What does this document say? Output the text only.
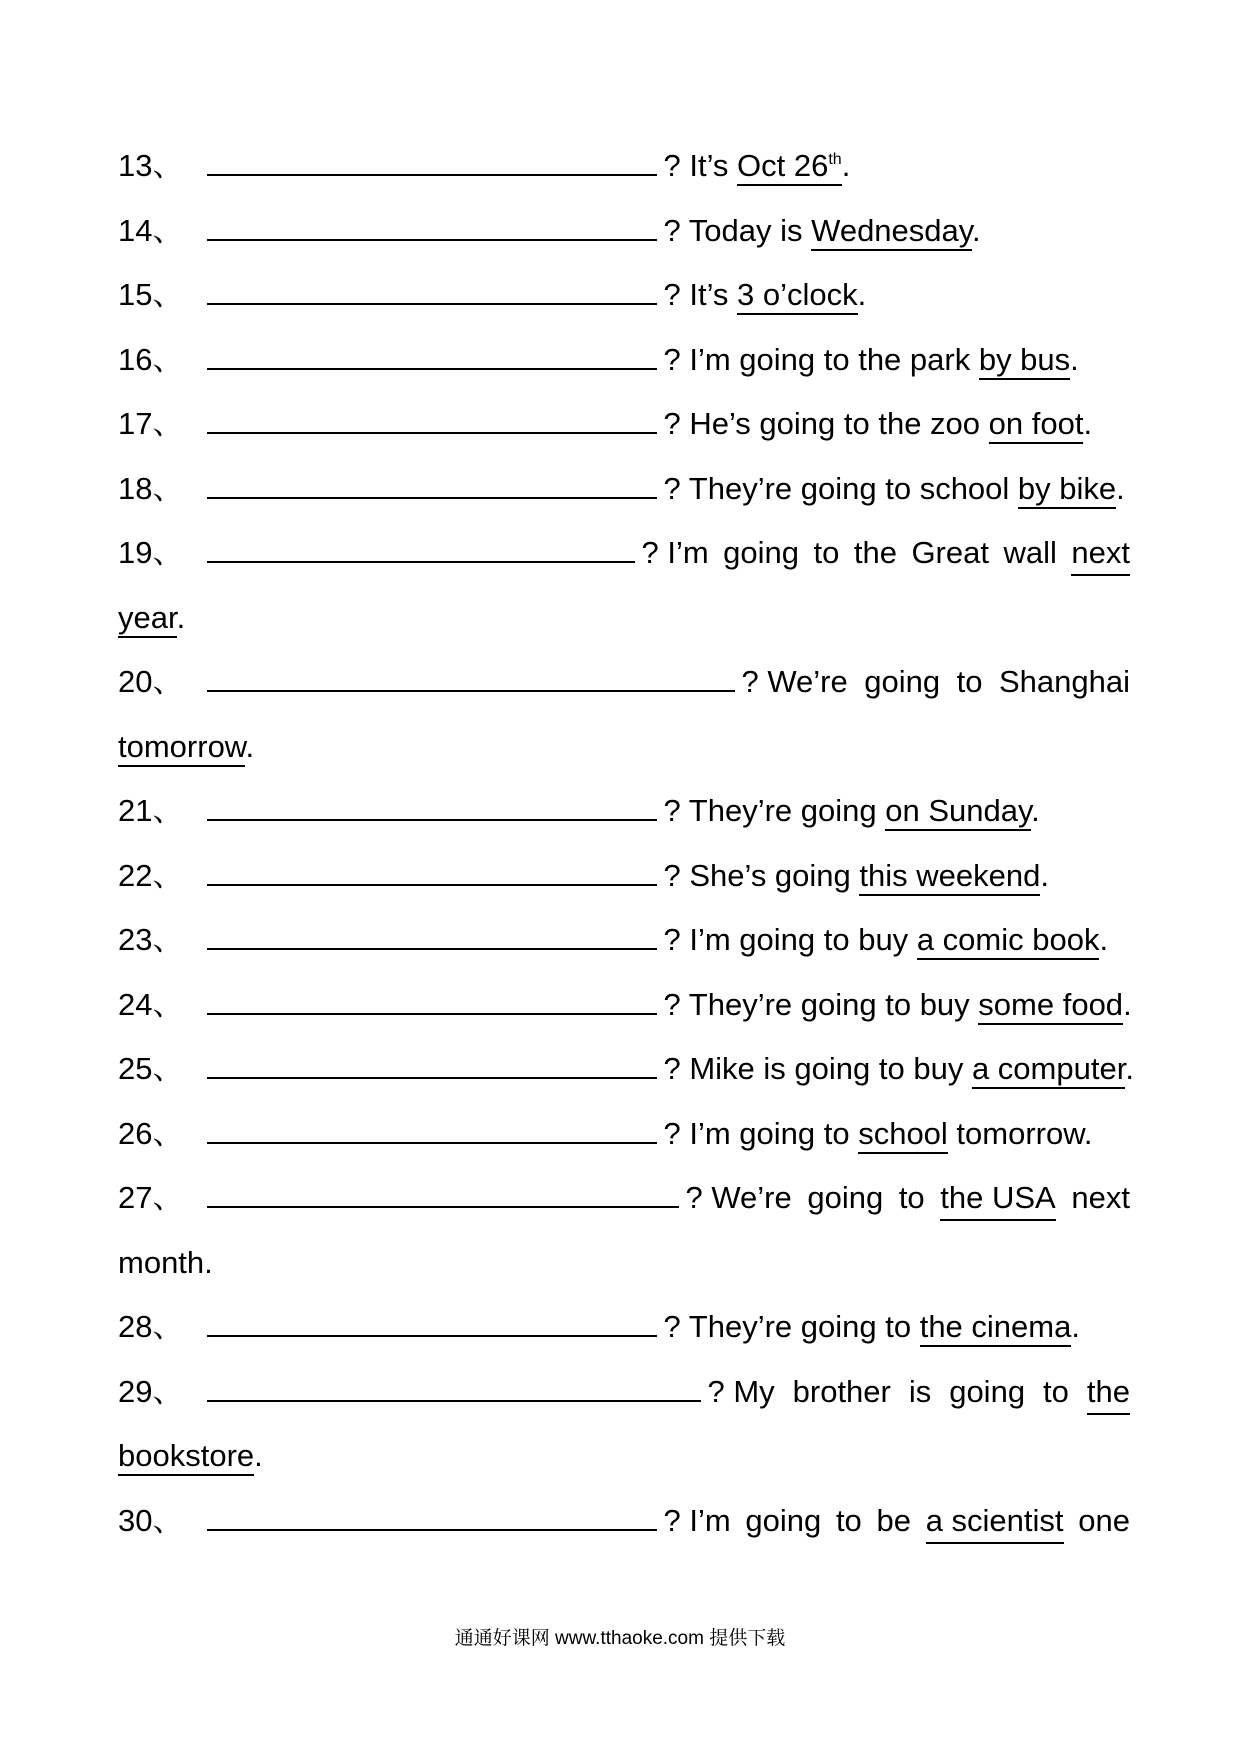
13、	? It’s Oct 26th.
14、	? Today is Wednesday.
15、	? It’s 3 o’clock.
16、	? I’m going to the park by bus.
17、	? He’s going to the zoo on foot.
18、	? They’re going to school by bike.
19、	? I’m going to the Great wall next
year.
20、	? We’re going to Shanghai
tomorrow.
21、	? They’re going on Sunday.
22、	? She’s going this weekend.
23、	? I’m going to buy a comic book.
24、	? They’re going to buy some food.
25、	? Mike is going to buy a computer.
26、	? I’m going to school tomorrow.
27、	? We’re going to the USA next
month.
28、	? They’re going to the cinema.
29、	? My brother is going to the
bookstore.
30、	? I’m going to be a scientist one
通通好课网 www.tthaoke.com 提供下载
